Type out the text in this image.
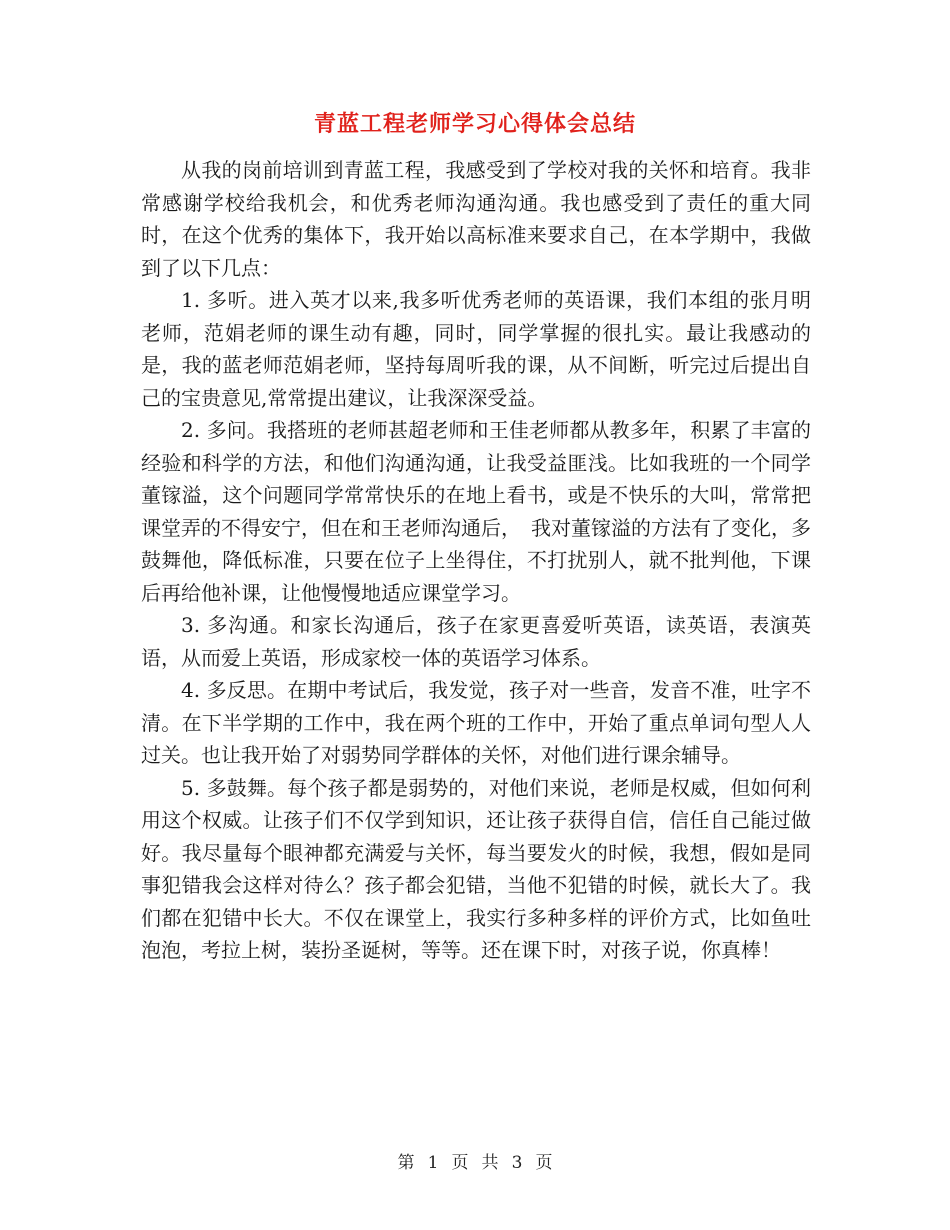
青蓝工程老师学习心得体会总结

从我的岗前培训到青蓝工程，我感受到了学校对我的关怀和培育。我非常感谢学校给我机会，和优秀老师沟通沟通。我也感受到了责任的重大同时，在这个优秀的集体下，我开始以高标准来要求自己，在本学期中，我做到了以下几点：

1. 多听。进入英才以来,我多听优秀老师的英语课，我们本组的张月明老师，范娟老师的课生动有趣，同时，同学掌握的很扎实。最让我感动的是，我的蓝老师范娟老师，坚持每周听我的课，从不间断，听完过后提出自己的宝贵意见,常常提出建议，让我深深受益。

2. 多问。我搭班的老师甚超老师和王佳老师都从教多年，积累了丰富的经验和科学的方法，和他们沟通沟通，让我受益匪浅。比如我班的一个同学董镓溢，这个问题同学常常快乐的在地上看书，或是不快乐的大叫，常常把课堂弄的不得安宁，但在和王老师沟通后，　我对董镓溢的方法有了变化，多鼓舞他，降低标准，只要在位子上坐得住，不打扰别人，就不批判他，下课后再给他补课，让他慢慢地适应课堂学习。

3. 多沟通。和家长沟通后，孩子在家更喜爱听英语，读英语，表演英语，从而爱上英语，形成家校一体的英语学习体系。

4. 多反思。在期中考试后，我发觉，孩子对一些音，发音不准，吐字不清。在下半学期的工作中，我在两个班的工作中，开始了重点单词句型人人过关。也让我开始了对弱势同学群体的关怀，对他们进行课余辅导。

5. 多鼓舞。每个孩子都是弱势的，对他们来说，老师是权威，但如何利用这个权威。让孩子们不仅学到知识，还让孩子获得自信，信任自己能过做好。我尽量每个眼神都充满爱与关怀，每当要发火的时候，我想，假如是同事犯错我会这样对待么？孩子都会犯错，当他不犯错的时候，就长大了。我们都在犯错中长大。不仅在课堂上，我实行多种多样的评价方式，比如鱼吐泡泡，考拉上树，装扮圣诞树，等等。还在课下时，对孩子说，你真棒！

第 1 页 共 3 页
